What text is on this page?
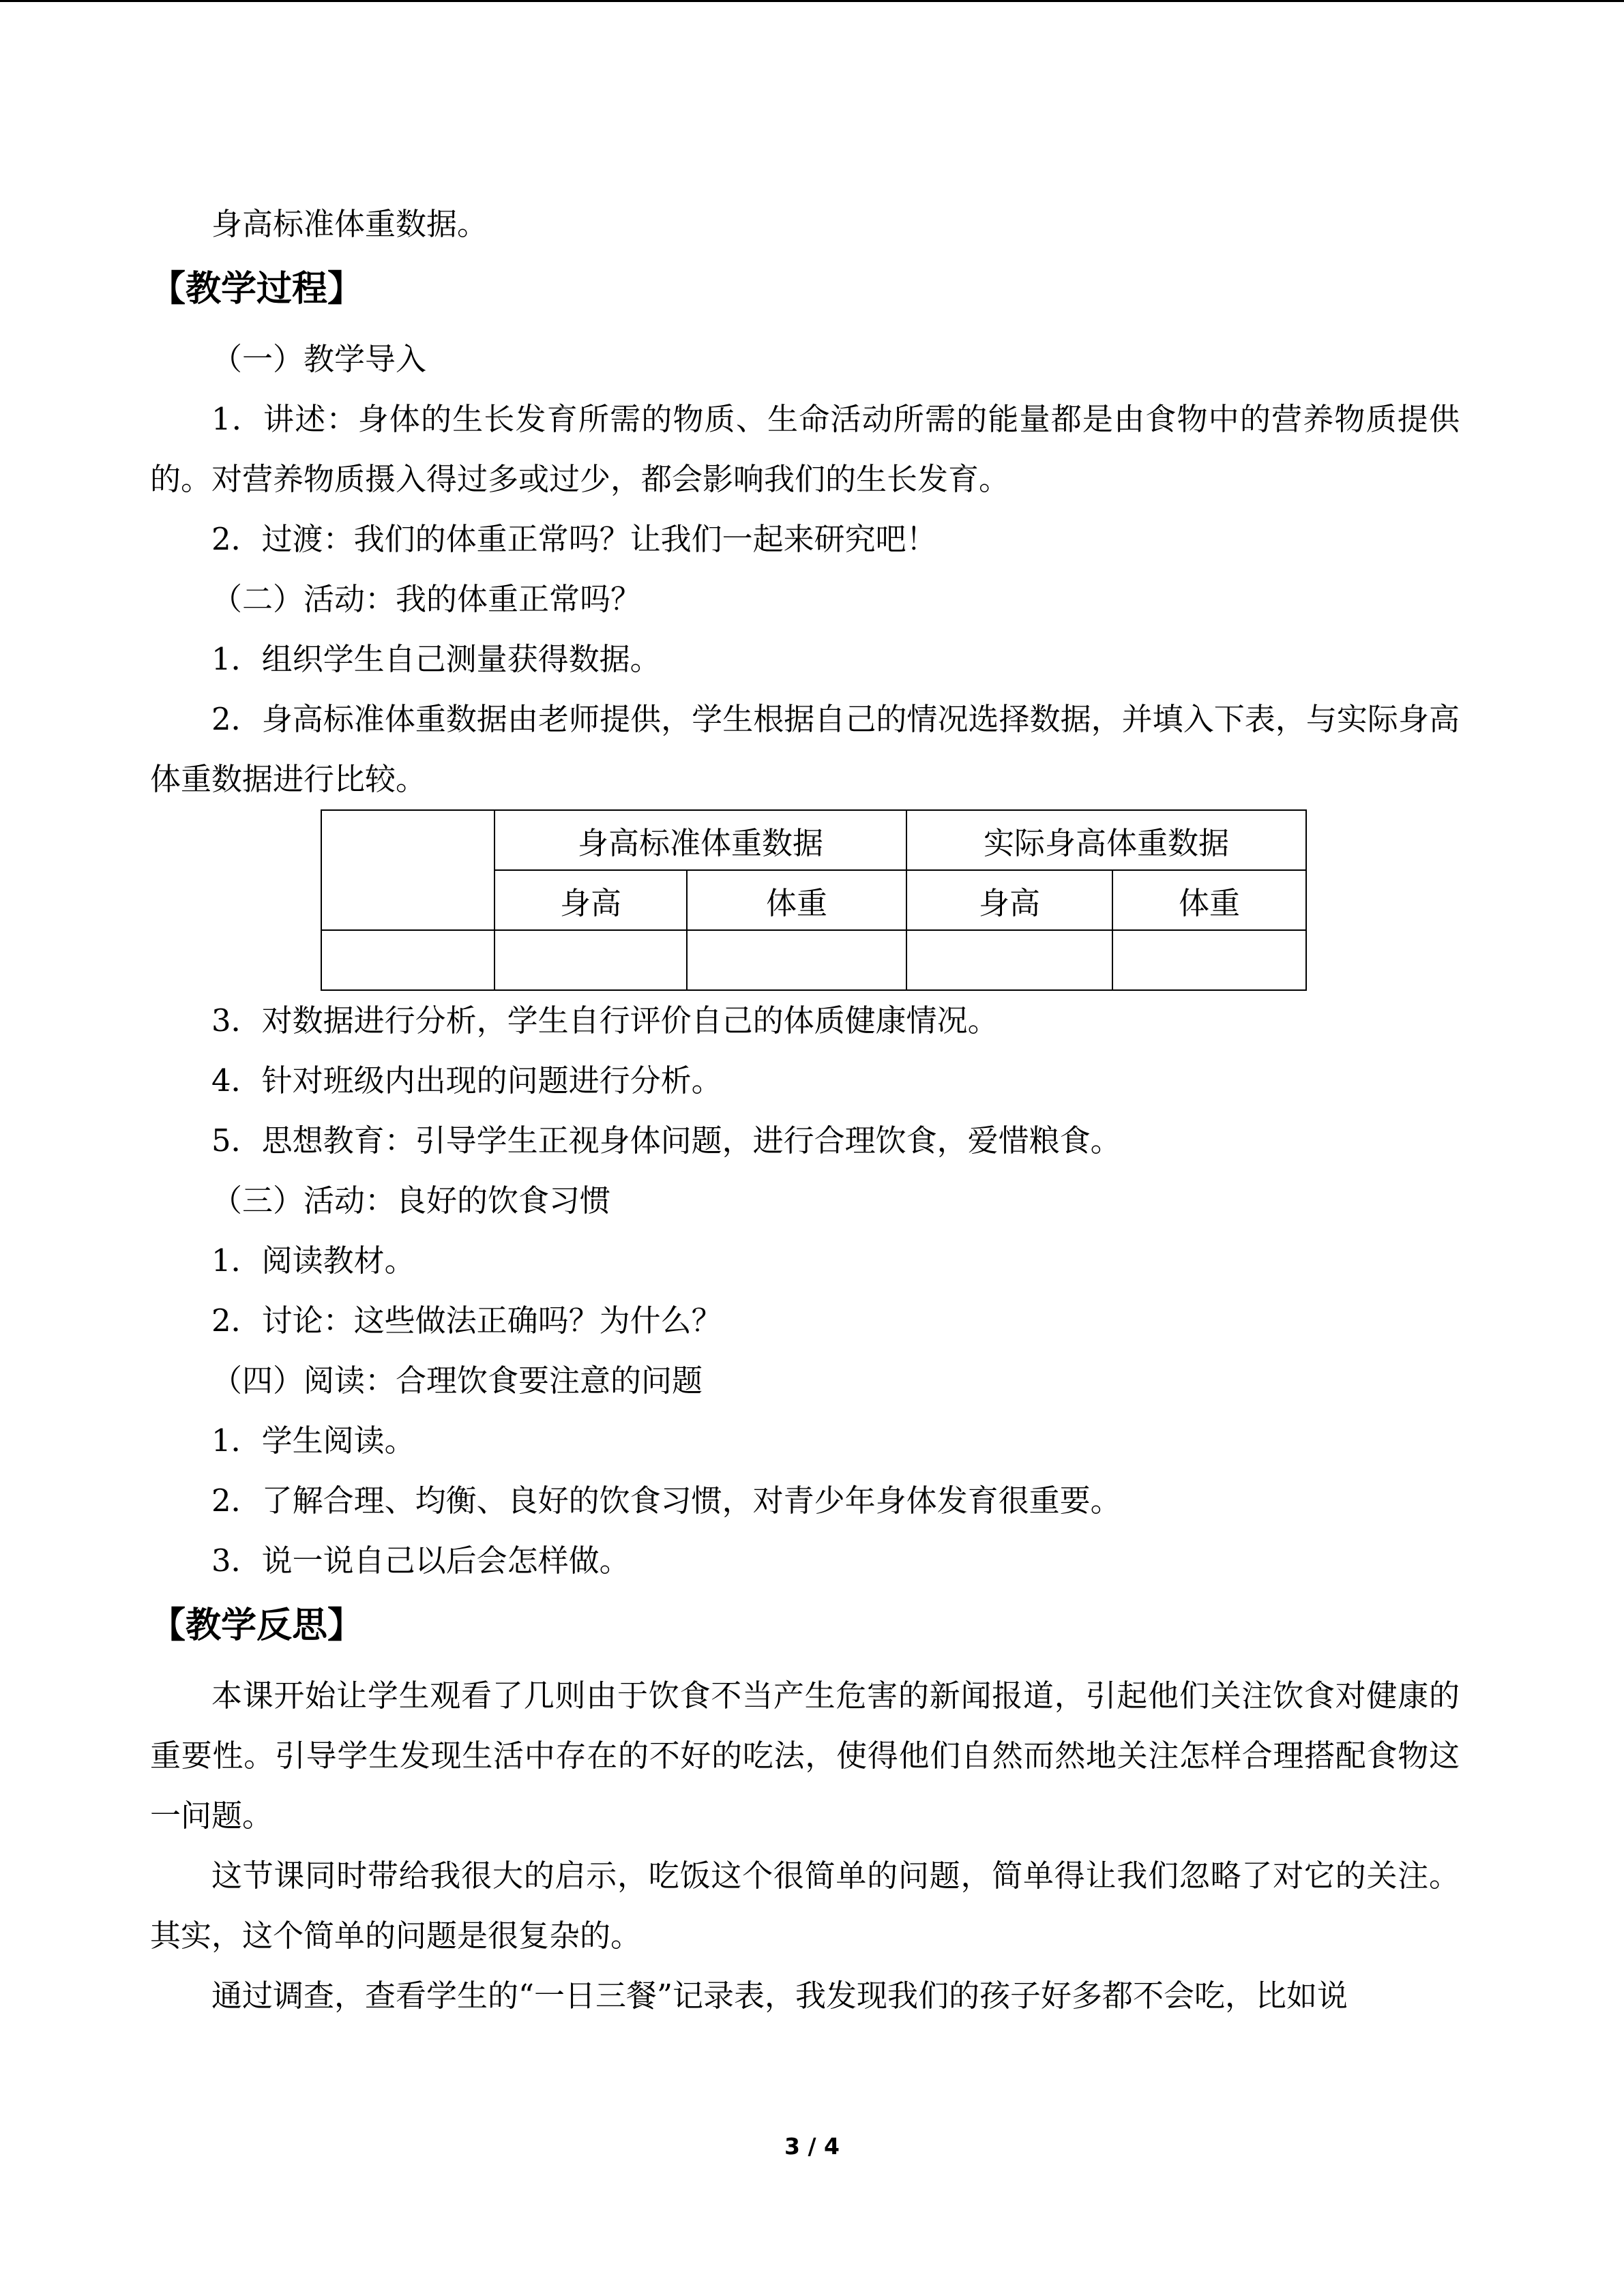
身高标准体重数据。

【教学过程】

（一）教学导入

1．讲述：身体的生长发育所需的物质、生命活动所需的能量都是由食物中的营养物质提供的。对营养物质摄入得过多或过少，都会影响我们的生长发育。

2．过渡：我们的体重正常吗？让我们一起来研究吧！

（二）活动：我的体重正常吗？

1．组织学生自己测量获得数据。

2．身高标准体重数据由老师提供，学生根据自己的情况选择数据，并填入下表，与实际身高体重数据进行比较。

	身高标准体重数据		实际身高体重数据	
	身高	体重	身高	体重

3．对数据进行分析，学生自行评价自己的体质健康情况。

4．针对班级内出现的问题进行分析。

5．思想教育：引导学生正视身体问题，进行合理饮食，爱惜粮食。

（三）活动：良好的饮食习惯

1．阅读教材。

2．讨论：这些做法正确吗？为什么？

（四）阅读：合理饮食要注意的问题

1．学生阅读。

2．了解合理、均衡、良好的饮食习惯，对青少年身体发育很重要。

3．说一说自己以后会怎样做。

【教学反思】

本课开始让学生观看了几则由于饮食不当产生危害的新闻报道，引起他们关注饮食对健康的重要性。引导学生发现生活中存在的不好的吃法，使得他们自然而然地关注怎样合理搭配食物这一问题。

这节课同时带给我很大的启示，吃饭这个很简单的问题，简单得让我们忽略了对它的关注。其实，这个简单的问题是很复杂的。

通过调查，查看学生的“一日三餐”记录表，我发现我们的孩子好多都不会吃，比如说

3 / 4
